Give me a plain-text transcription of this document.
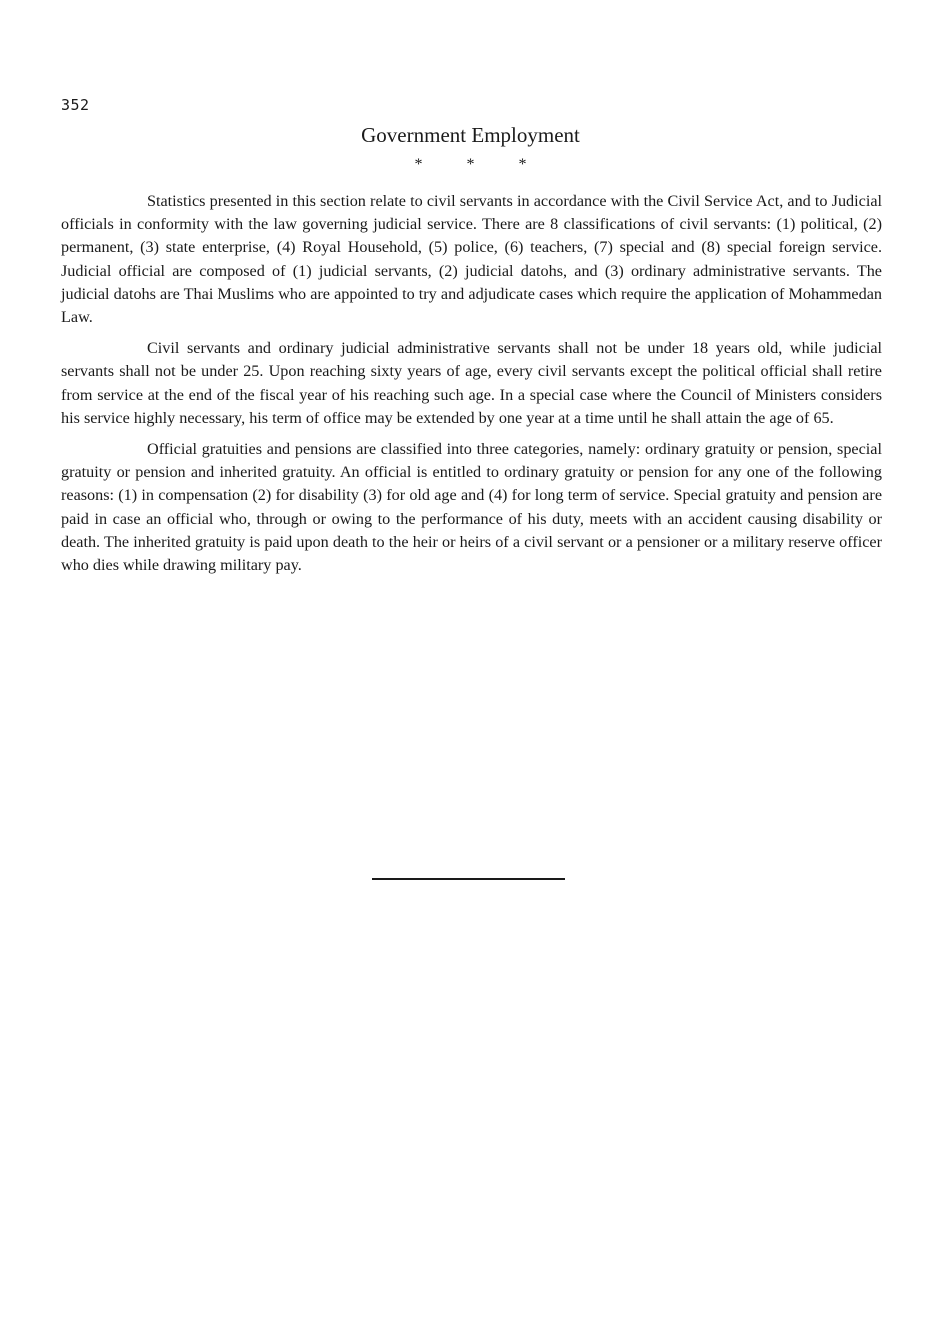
352
Government Employment
* * *

Statistics presented in this section relate to civil servants in accordance with the Civil Service Act, and to Judicial officials in conformity with the law governing judicial service. There are 8 classifications of civil servants: (1) political, (2) permanent, (3) state enterprise, (4) Royal Household, (5) police, (6) teachers, (7) special and (8) special foreign service. Judicial official are composed of (1) judicial servants, (2) judicial datohs, and (3) ordinary administrative servants. The judicial datohs are Thai Muslims who are appointed to try and adjudicate cases which require the application of Mohammedan Law.

Civil servants and ordinary judicial administrative servants shall not be under 18 years old, while judicial servants shall not be under 25. Upon reaching sixty years of age, every civil servants except the political official shall retire from service at the end of the fiscal year of his reaching such age. In a special case where the Council of Ministers considers his service highly necessary, his term of office may be extended by one year at a time until he shall attain the age of 65.

Official gratuities and pensions are classified into three categories, namely: ordinary gratuity or pension, special gratuity or pension and inherited gratuity. An official is entitled to ordinary gratuity or pension for any one of the following reasons: (1) in compensation (2) for disability (3) for old age and (4) for long term of service. Special gratuity and pension are paid in case an official who, through or owing to the performance of his duty, meets with an accident causing disability or death. The inherited gratuity is paid upon death to the heir or heirs of a civil servant or a pensioner or a military reserve officer who dies while drawing military pay.
